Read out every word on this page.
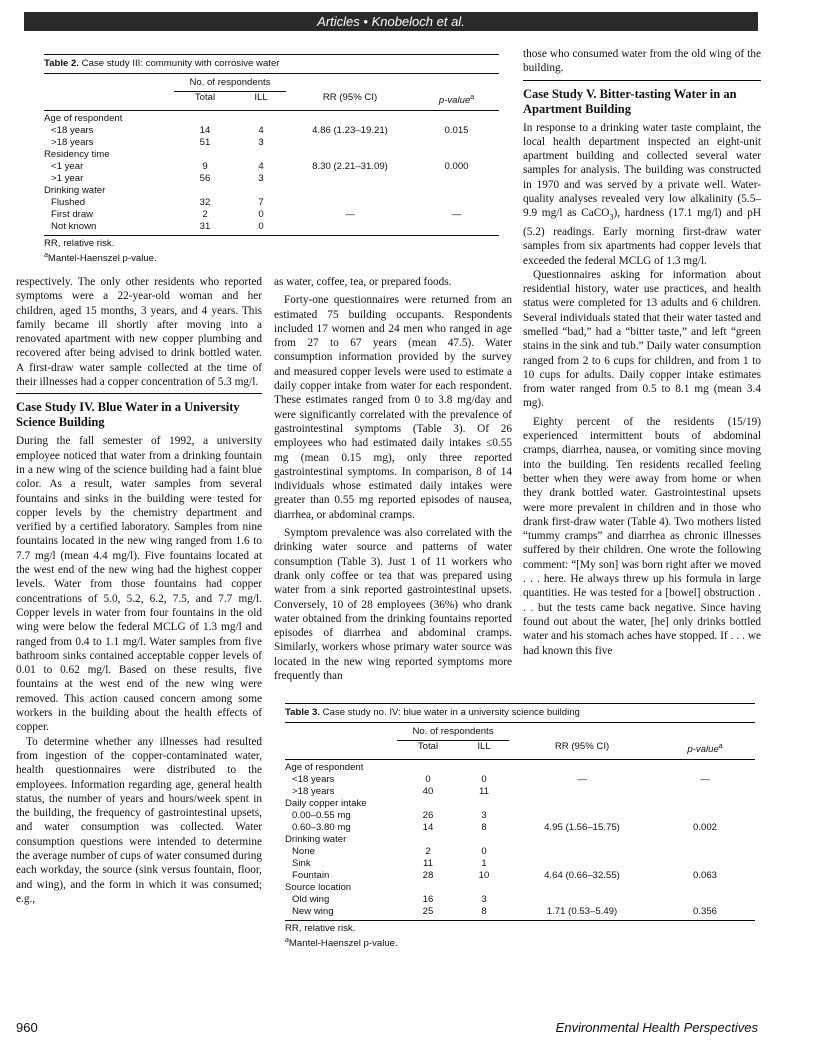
Articles • Knobeloch et al.
Table 2. Case study III: community with corrosive water
	No. of respondents			
	Total	ILL	RR (95% CI)	p-value$^a$
Age of respondent				
<18 years	14	4	4.86 (1.23–19.21)	0.015
>18 years	51	3		
Residency time				
<1 year	9	4	8.30 (2.21–31.09)	0.000
>1 year	56	3		
Drinking water				
Flushed	32	7		
First draw	2	0	—	—
Not known	31	0		
RR, relative risk.
$^a$Mantel-Haenszel p-value.

respectively. The only other residents who reported symptoms were a 22-year-old woman and her children, aged 15 months, 3 years, and 4 years. This family became ill shortly after moving into a renovated apartment with new copper plumbing and recovered after being advised to drink bottled water. A first-draw water sample collected at the time of their illnesses had a copper concentration of 5.3 mg/l.

Case Study IV. Blue Water in a University Science Building

During the fall semester of 1992, a university employee noticed that water from a drinking fountain in a new wing of the science building had a faint blue color. As a result, water samples from several fountains and sinks in the building were tested for copper levels by the chemistry department and verified by a certified laboratory. Samples from nine fountains located in the new wing ranged from 1.6 to 7.7 mg/l (mean 4.4 mg/l). Five fountains located at the west end of the new wing had the highest copper levels. Water from those fountains had copper concentrations of 5.0, 5.2, 6.2, 7.5, and 7.7 mg/l. Copper levels in water from four fountains in the old wing were below the federal MCLG of 1.3 mg/l and ranged from 0.4 to 1.1 mg/l. Water samples from five bathroom sinks contained acceptable copper levels of 0.01 to 0.62 mg/l. Based on these results, five fountains at the west end of the new wing were removed. This action caused concern among some workers in the building about the health effects of copper.

To determine whether any illnesses had resulted from ingestion of the copper-contaminated water, health questionnaires were distributed to the employees. Information regarding age, general health status, the number of years and hours/week spent in the building, the frequency of gastrointestinal upsets, and water consumption was collected. Water consumption questions were intended to determine the average number of cups of water consumed during each workday, the source (sink versus fountain, floor, and wing), and the form in which it was consumed; e.g.,

as water, coffee, tea, or prepared foods.

Forty-one questionnaires were returned from an estimated 75 building occupants. Respondents included 17 women and 24 men who ranged in age from 27 to 67 years (mean 47.5). Water consumption information provided by the survey and measured copper levels were used to estimate a daily copper intake from water for each respondent. These estimates ranged from 0 to 3.8 mg/day and were significantly correlated with the prevalence of gastrointestinal symptoms (Table 3). Of 26 employees who had estimated daily intakes ≤0.55 mg (mean 0.15 mg), only three reported gastrointestinal symptoms. In comparison, 8 of 14 individuals whose estimated daily intakes were greater than 0.55 mg reported episodes of nausea, diarrhea, or abdominal cramps.

Symptom prevalence was also correlated with the drinking water source and patterns of water consumption (Table 3). Just 1 of 11 workers who drank only coffee or tea that was prepared using water from a sink reported gastrointestinal upsets. Conversely, 10 of 28 employees (36%) who drank water obtained from the drinking fountains reported episodes of diarrhea and abdominal cramps. Similarly, workers whose primary water source was located in the new wing reported symptoms more frequently than

those who consumed water from the old wing of the building.

Case Study V. Bitter-tasting Water in an Apartment Building

In response to a drinking water taste complaint, the local health department inspected an eight-unit apartment building and collected several water samples for analysis. The building was constructed in 1970 and was served by a private well. Water-quality analyses revealed very low alkalinity (5.5–9.9 mg/l as CaCO$_3$), hardness (17.1 mg/l) and pH (5.2) readings. Early morning first-draw water samples from six apartments had copper levels that exceeded the federal MCLG of 1.3 mg/l.

Questionnaires asking for information about residential history, water use practices, and health status were completed for 13 adults and 6 children. Several individuals stated that their water tasted and smelled “bad,” had a “bitter taste,” and left “green stains in the sink and tub.” Daily water consumption ranged from 2 to 6 cups for children, and from 1 to 10 cups for adults. Daily copper intake estimates from water ranged from 0.5 to 8.1 mg (mean 3.4 mg).

Eighty percent of the residents (15/19) experienced intermittent bouts of abdominal cramps, diarrhea, nausea, or vomiting since moving into the building. Ten residents recalled feeling better when they were away from home or when they drank bottled water. Gastrointestinal upsets were more prevalent in children and in those who drank first-draw water (Table 4). Two mothers listed “tummy cramps” and diarrhea as chronic illnesses suffered by their children. One wrote the following comment: “[My son] was born right after we moved . . . here. He always threw up his formula in large quantities. He was tested for a [bowel] obstruction . . . but the tests came back negative. Since having found out about the water, [he] only drinks bottled water and his stomach aches have stopped. If . . . we had known this five

Table 3. Case study no. IV: blue water in a university science building
	No. of respondents			
	Total	ILL	RR (95% CI)	p-value$^a$
Age of respondent				
<18 years	0	0	—	—
>18 years	40	11		
Daily copper intake				
0.00–0.55 mg	26	3		
0.60–3.80 mg	14	8	4.95 (1.56–15.75)	0.002
Drinking water				
None	2	0		
Sink	11	1		
Fountain	28	10	4.64 (0.66–32.55)	0.063
Source location				
Old wing	16	3		
New wing	25	8	1.71 (0.53–5.49)	0.356
RR, relative risk.
$^a$Mantel-Haenszel p-value.
960	Environmental Health Perspectives
